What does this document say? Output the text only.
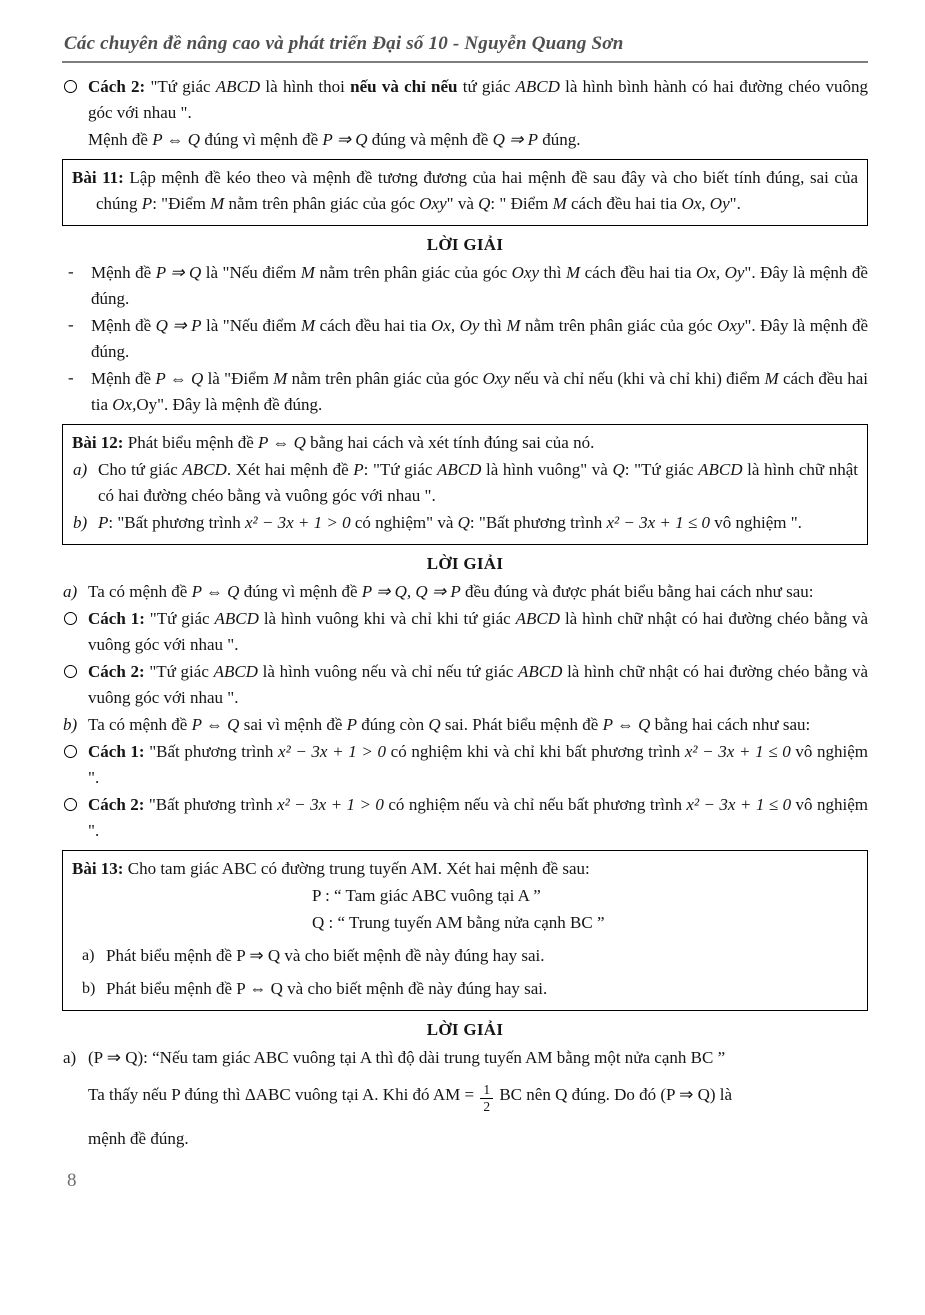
Các chuyên đề nâng cao và phát triển Đại số 10 - Nguyễn Quang Sơn
Cách 2: "Tứ giác ABCD là hình thoi nếu và chỉ nếu tứ giác ABCD là hình bình hành có hai đường chéo vuông góc với nhau ".
Mệnh đề P ⇔ Q đúng vì mệnh đề P ⇒ Q đúng và mệnh đề Q ⇒ P đúng.
Bài 11: Lập mệnh đề kéo theo và mệnh đề tương đương của hai mệnh đề sau đây và cho biết tính đúng, sai của chúng P: "Điểm M nằm trên phân giác của góc Oxy" và Q: " Điểm M cách đều hai tia Ox, Oy".
LỜI GIẢI
- Mệnh đề P ⇒ Q là "Nếu điểm M nằm trên phân giác của góc Oxy thì M cách đều hai tia Ox, Oy". Đây là mệnh đề đúng.
- Mệnh đề Q ⇒ P là "Nếu điểm M cách đều hai tia Ox, Oy thì M nằm trên phân giác của góc Oxy". Đây là mệnh đề đúng.
- Mệnh đề P ⇔ Q là "Điểm M nằm trên phân giác của góc Oxy nếu và chỉ nếu (khi và chỉ khi) điểm M cách đều hai tia Ox,Oy". Đây là mệnh đề đúng.
Bài 12: Phát biểu mệnh đề P ⇔ Q bằng hai cách và xét tính đúng sai của nó.
a) Cho tứ giác ABCD. Xét hai mệnh đề P: "Tứ giác ABCD là hình vuông" và Q: "Tứ giác ABCD là hình chữ nhật có hai đường chéo bằng và vuông góc với nhau ".
b) P: "Bất phương trình x² − 3x + 1 > 0 có nghiệm" và Q: "Bất phương trình x² − 3x + 1 ≤ 0 vô nghiệm ".
LỜI GIẢI
a) Ta có mệnh đề P ⇔ Q đúng vì mệnh đề P ⇒ Q, Q ⇒ P đều đúng và được phát biểu bằng hai cách như sau:
Cách 1: "Tứ giác ABCD là hình vuông khi và chỉ khi tứ giác ABCD là hình chữ nhật có hai đường chéo bằng và vuông góc với nhau ".
Cách 2: "Tứ giác ABCD là hình vuông nếu và chỉ nếu tứ giác ABCD là hình chữ nhật có hai đường chéo bằng và vuông góc với nhau ".
b) Ta có mệnh đề P ⇔ Q sai vì mệnh đề P đúng còn Q sai. Phát biểu mệnh đề P ⇔ Q bằng hai cách như sau:
Cách 1: "Bất phương trình x² − 3x + 1 > 0 có nghiệm khi và chỉ khi bất phương trình x² − 3x + 1 ≤ 0 vô nghiệm ".
Cách 2: "Bất phương trình x² − 3x + 1 > 0 có nghiệm nếu và chỉ nếu bất phương trình x² − 3x + 1 ≤ 0 vô nghiệm ".
Bài 13: Cho tam giác ABC có đường trung tuyến AM. Xét hai mệnh đề sau:
P : “ Tam giác ABC vuông tại A ”
Q : “ Trung tuyến AM bằng nửa cạnh BC ”
a) Phát biểu mệnh đề P ⇒ Q và cho biết mệnh đề này đúng hay sai.
b) Phát biểu mệnh đề P ⇔ Q và cho biết mệnh đề này đúng hay sai.
LỜI GIẢI
a) (P ⇒ Q): “Nếu tam giác ABC vuông tại A thì độ dài trung tuyến AM bằng một nửa cạnh BC ”
Ta thấy nếu P đúng thì ΔABC vuông tại A. Khi đó AM = $\frac{1}{2}$ BC nên Q đúng. Do đó (P ⇒ Q) là
mệnh đề đúng.
8
